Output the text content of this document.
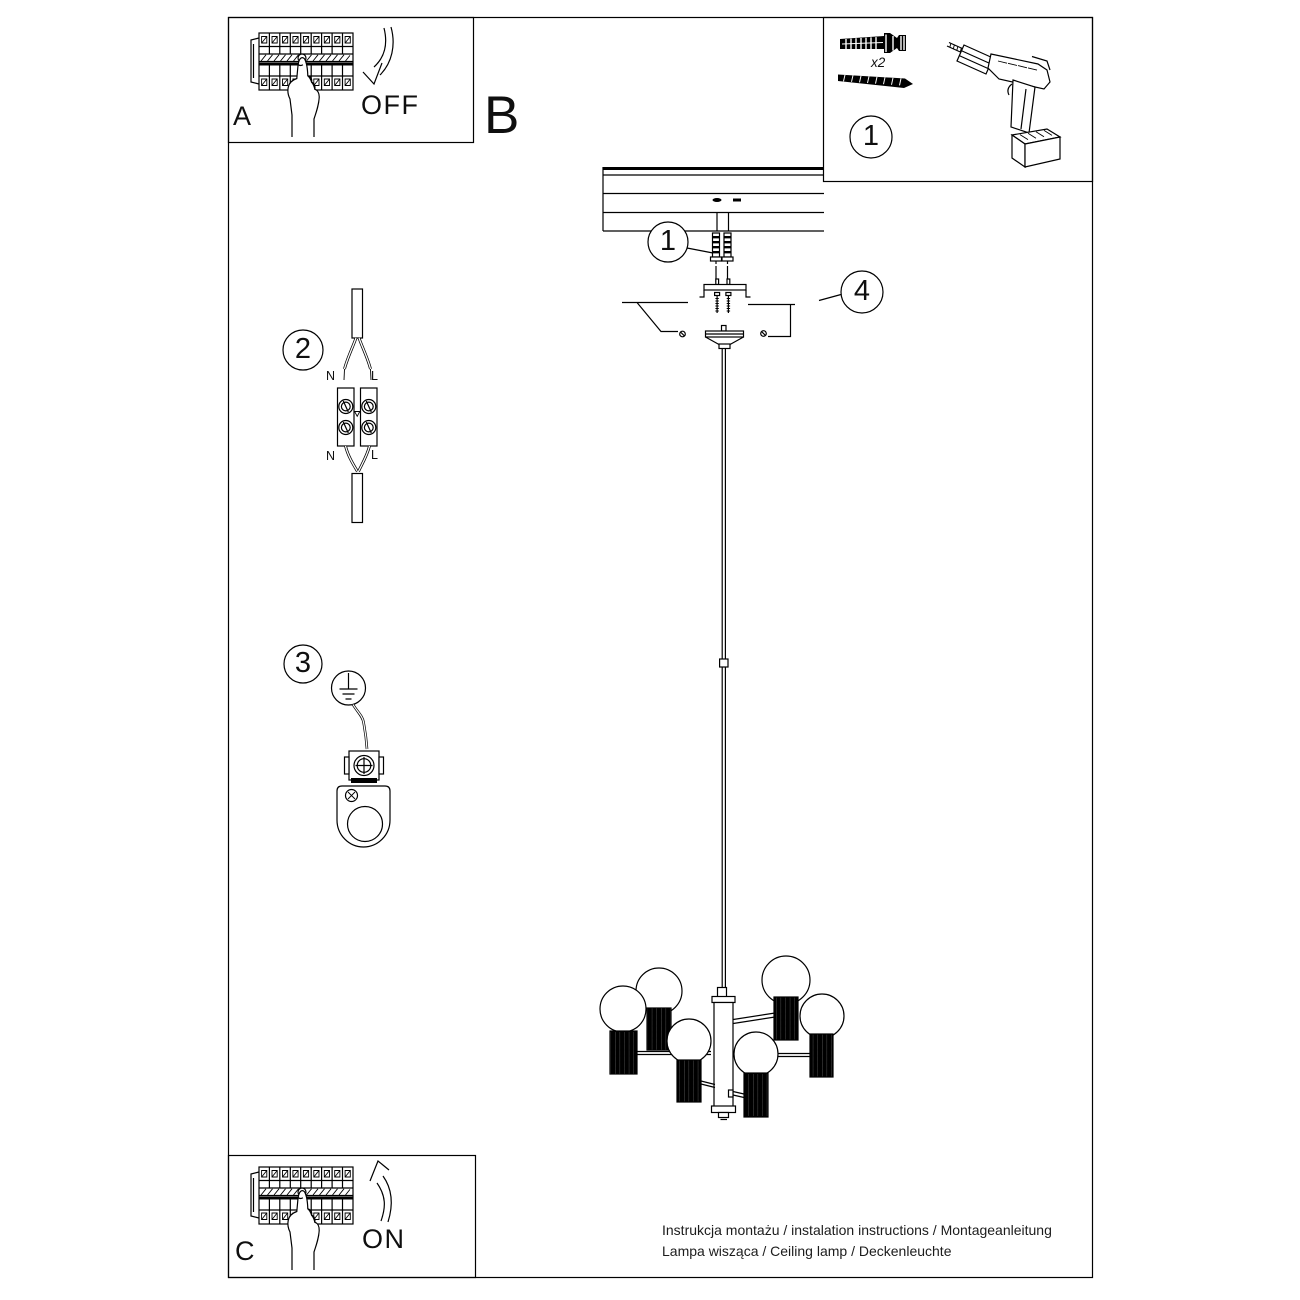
A	OFF B
C	ON
x2
1
1
2
3
4
N	L
N	L
Instrukcja montażu / instalation instructions / Montageanleitung
Lampa wisząca / Ceiling lamp / Deckenleuchte
